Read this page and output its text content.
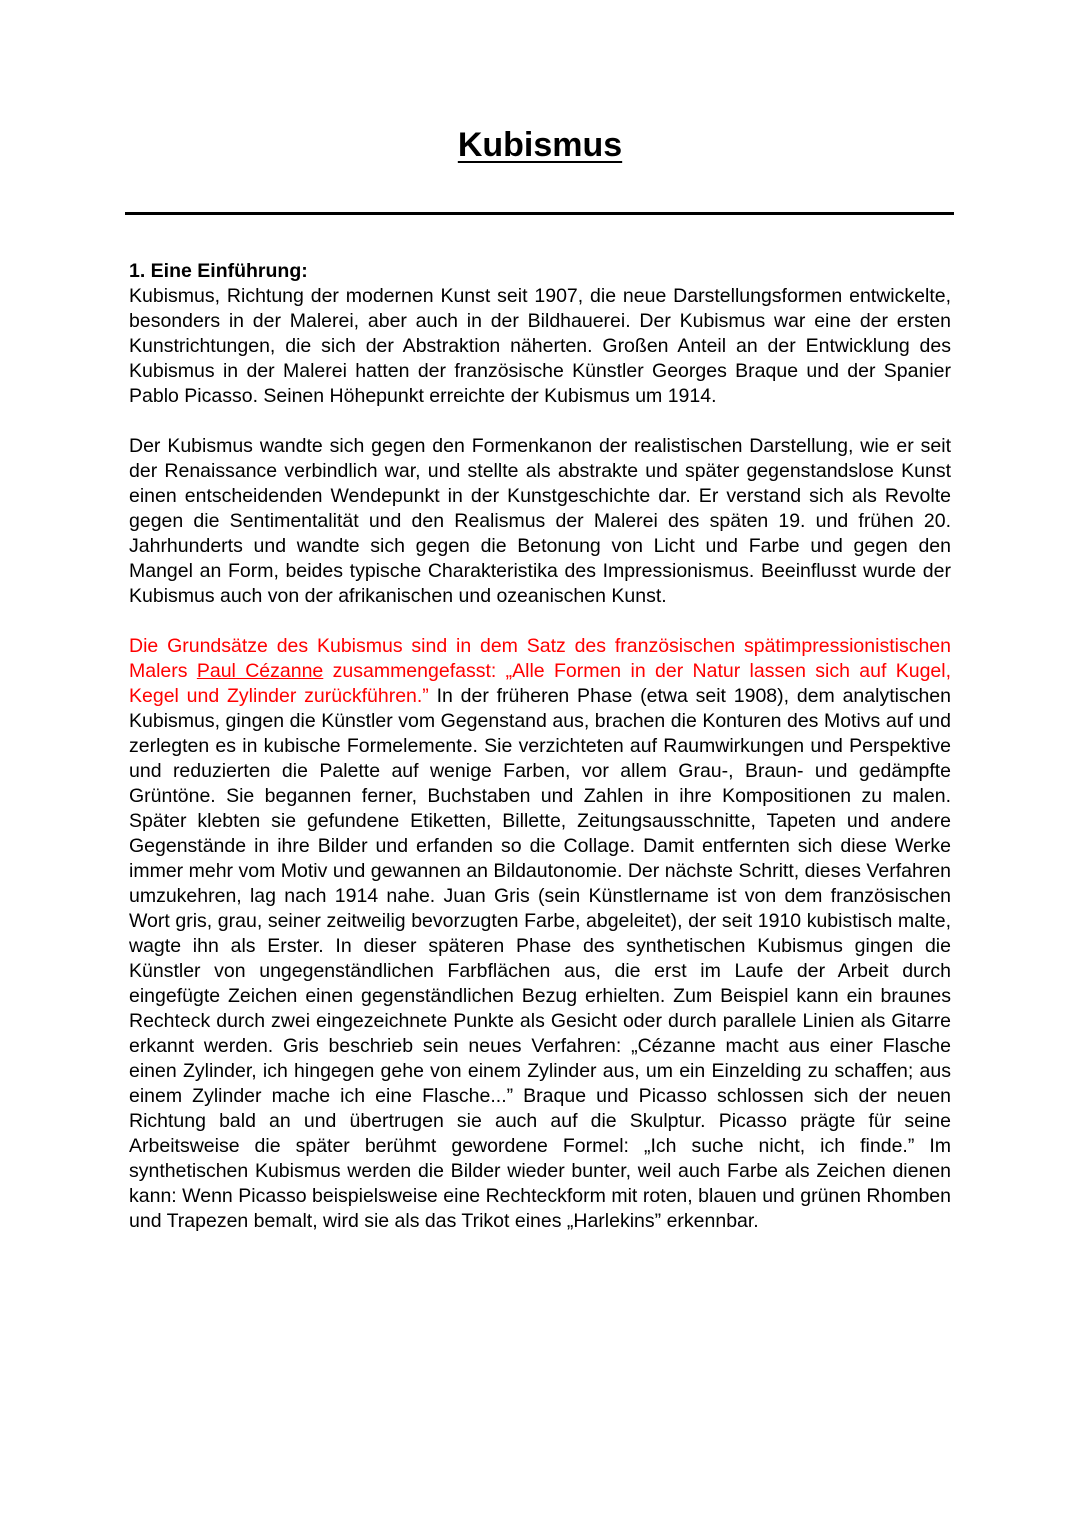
Kubismus

1. Eine Einführung:

Kubismus, Richtung der modernen Kunst seit 1907, die neue Darstellungsformen entwickelte, besonders in der Malerei, aber auch in der Bildhauerei. Der Kubismus war eine der ersten Kunstrichtungen, die sich der Abstraktion näherten. Großen Anteil an der Entwicklung des Kubismus in der Malerei hatten der französische Künstler Georges Braque und der Spanier Pablo Picasso. Seinen Höhepunkt erreichte der Kubismus um 1914.

Der Kubismus wandte sich gegen den Formenkanon der realistischen Darstellung, wie er seit der Renaissance verbindlich war, und stellte als abstrakte und später gegenstandslose Kunst einen entscheidenden Wendepunkt in der Kunstgeschichte dar. Er verstand sich als Revolte gegen die Sentimentalität und den Realismus der Malerei des späten 19. und frühen 20. Jahrhunderts und wandte sich gegen die Betonung von Licht und Farbe und gegen den Mangel an Form, beides typische Charakteristika des Impressionismus. Beeinflusst wurde der Kubismus auch von der afrikanischen und ozeanischen Kunst.

Die Grundsätze des Kubismus sind in dem Satz des französischen spätimpressionistischen Malers Paul Cézanne zusammengefasst: „Alle Formen in der Natur lassen sich auf Kugel, Kegel und Zylinder zurückführen.” In der früheren Phase (etwa seit 1908), dem analytischen Kubismus, gingen die Künstler vom Gegenstand aus, brachen die Konturen des Motivs auf und zerlegten es in kubische Formelemente. Sie verzichteten auf Raumwirkungen und Perspektive und reduzierten die Palette auf wenige Farben, vor allem Grau-, Braun- und gedämpfte Grüntöne. Sie begannen ferner, Buchstaben und Zahlen in ihre Kompositionen zu malen. Später klebten sie gefundene Etiketten, Billette, Zeitungsausschnitte, Tapeten und andere Gegenstände in ihre Bilder und erfanden so die Collage. Damit entfernten sich diese Werke immer mehr vom Motiv und gewannen an Bildautonomie. Der nächste Schritt, dieses Verfahren umzukehren, lag nach 1914 nahe. Juan Gris (sein Künstlername ist von dem französischen Wort gris, grau, seiner zeitweilig bevorzugten Farbe, abgeleitet), der seit 1910 kubistisch malte, wagte ihn als Erster. In dieser späteren Phase des synthetischen Kubismus gingen die Künstler von ungegenständlichen Farbflächen aus, die erst im Laufe der Arbeit durch eingefügte Zeichen einen gegenständlichen Bezug erhielten. Zum Beispiel kann ein braunes Rechteck durch zwei eingezeichnete Punkte als Gesicht oder durch parallele Linien als Gitarre erkannt werden. Gris beschrieb sein neues Verfahren: „Cézanne macht aus einer Flasche einen Zylinder, ich hingegen gehe von einem Zylinder aus, um ein Einzelding zu schaffen; aus einem Zylinder mache ich eine Flasche...” Braque und Picasso schlossen sich der neuen Richtung bald an und übertrugen sie auch auf die Skulptur. Picasso prägte für seine Arbeitsweise die später berühmt gewordene Formel: „Ich suche nicht, ich finde.” Im synthetischen Kubismus werden die Bilder wieder bunter, weil auch Farbe als Zeichen dienen kann: Wenn Picasso beispielsweise eine Rechteckform mit roten, blauen und grünen Rhomben und Trapezen bemalt, wird sie als das Trikot eines „Harlekins” erkennbar.
